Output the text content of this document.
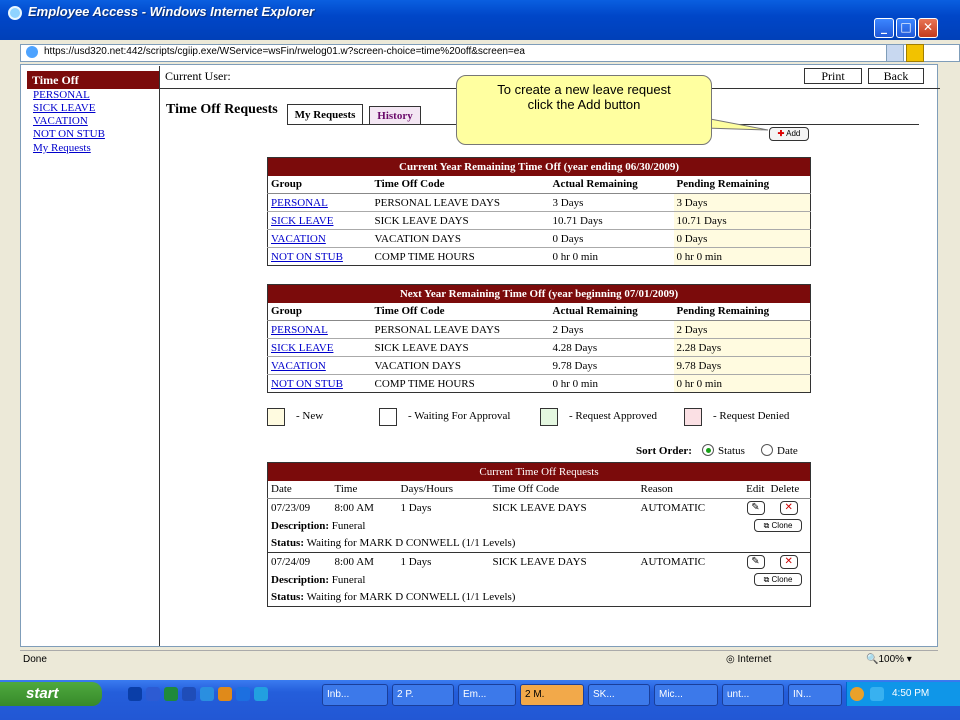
Employee Access - Windows Internet Explorer
_	□ ✕
https://usd320.net:442/scripts/cgiip.exe/WService=wsFin/rwelog01.w?screen-choice=time%20off&screen=ea
Time Off
PERSONAL
SICK LEAVE
VACATION
NOT ON STUB
My Requests
Current User:	Print	Back
Time Off Requests	My Requests	History
✚ Add
To create a new leave request
click the Add button
Current Year Remaining Time Off (year ending 06/30/2009)			
Group	Time Off Code	Actual Remaining	Pending Remaining
PERSONAL	PERSONAL LEAVE DAYS	3 Days	3 Days
SICK LEAVE	SICK LEAVE DAYS	10.71 Days	10.71 Days
VACATION	VACATION DAYS	0 Days	0 Days
NOT ON STUB	COMP TIME HOURS	0 hr 0 min	0 hr 0 min
Next Year Remaining Time Off (year beginning 07/01/2009)			
Group	Time Off Code	Actual Remaining	Pending Remaining
PERSONAL	PERSONAL LEAVE DAYS	2 Days	2 Days
SICK LEAVE	SICK LEAVE DAYS	4.28 Days	2.28 Days
VACATION	VACATION DAYS	9.78 Days	9.78 Days
NOT ON STUB	COMP TIME HOURS	0 hr 0 min	0 hr 0 min
- New	- Waiting For Approval	- Request Approved	- Request Denied
Sort Order: Status	Date
Current Time Off Requests						
Date	Time	Days/Hours	Time Off Code	Reason	Edit	Delete
07/23/09	8:00 AM	1 Days	SICK LEAVE DAYS	AUTOMATIC	✎	✕
Description: Funeral					⧉ Clone	
Status: Waiting for MARK D CONWELL (1/1 Levels)						
07/24/09	8:00 AM	1 Days	SICK LEAVE DAYS	AUTOMATIC	✎	✕
Description: Funeral					⧉ Clone	
Status: Waiting for MARK D CONWELL (1/1 Levels)						
Done	◎ Internet	🔍100% ▾
start	Inb...	2 P.	Em...	2 M.	SK...	Mic...	unt...	IN...	4:50 PM
